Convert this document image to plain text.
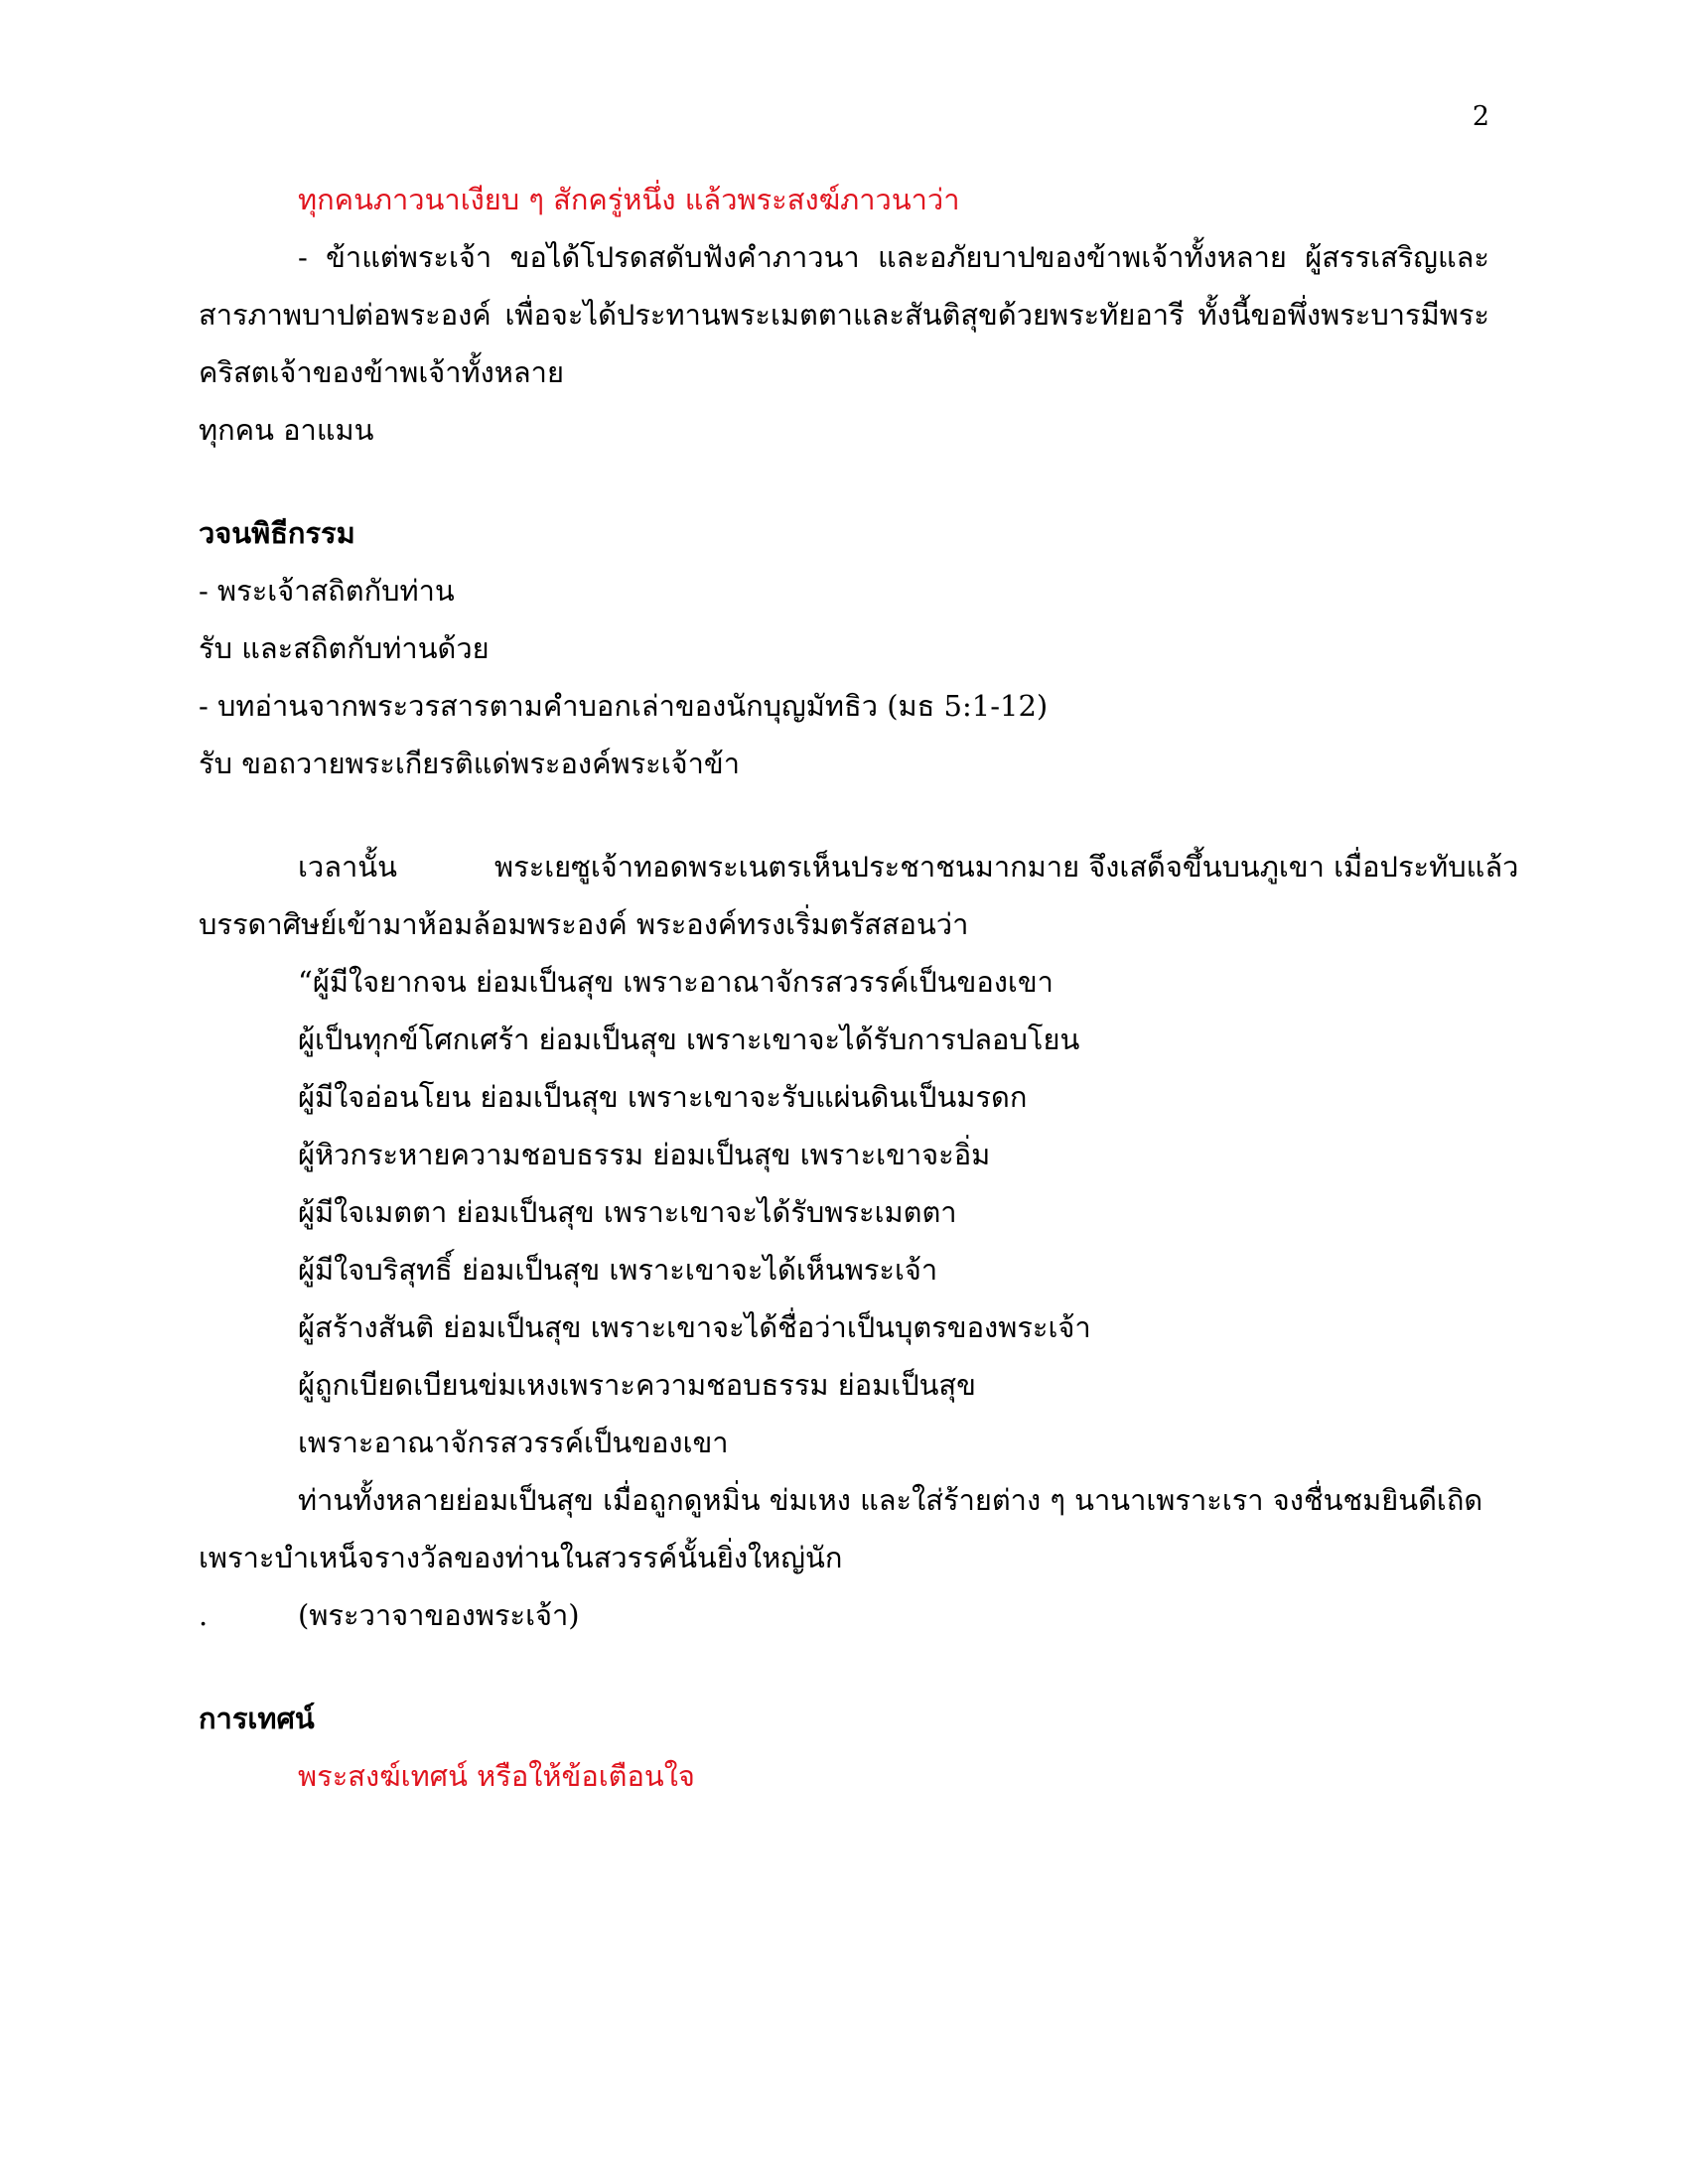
2
ทุกคนภาวนาเงียบ ๆ สักครู่หนึ่ง แล้วพระสงฆ์ภาวนาว่า
- ข้าแต่พระเจ้า ขอได้โปรดสดับฟังคำภาวนา และอภัยบาปของข้าพเจ้าทั้งหลาย ผู้สรรเสริญและ
สารภาพบาปต่อพระองค์ เพื่อจะได้ประทานพระเมตตาและสันติสุขด้วยพระทัยอารี ทั้งนี้ขอพึ่งพระบารมีพระ
คริสตเจ้าของข้าพเจ้าทั้งหลาย
ทุกคน อาแมน
วจนพิธีกรรม
- พระเจ้าสถิตกับท่าน
รับ และสถิตกับท่านด้วย
- บทอ่านจากพระวรสารตามคำบอกเล่าของนักบุญมัทธิว (มธ 5:1-12)
รับ ขอถวายพระเกียรติแด่พระองค์พระเจ้าข้า
เวลานั้น	พระเยซูเจ้าทอดพระเนตรเห็นประชาชนมากมาย จึงเสด็จขึ้นบนภูเขา เมื่อประทับแล้ว
บรรดาศิษย์เข้ามาห้อมล้อมพระองค์ พระองค์ทรงเริ่มตรัสสอนว่า
“ผู้มีใจยากจน ย่อมเป็นสุข เพราะอาณาจักรสวรรค์เป็นของเขา
ผู้เป็นทุกข์โศกเศร้า ย่อมเป็นสุข เพราะเขาจะได้รับการปลอบโยน
ผู้มีใจอ่อนโยน ย่อมเป็นสุข เพราะเขาจะรับแผ่นดินเป็นมรดก
ผู้หิวกระหายความชอบธรรม ย่อมเป็นสุข เพราะเขาจะอิ่ม
ผู้มีใจเมตตา ย่อมเป็นสุข เพราะเขาจะได้รับพระเมตตา
ผู้มีใจบริสุทธิ์ ย่อมเป็นสุข เพราะเขาจะได้เห็นพระเจ้า
ผู้สร้างสันติ ย่อมเป็นสุข เพราะเขาจะได้ชื่อว่าเป็นบุตรของพระเจ้า
ผู้ถูกเบียดเบียนข่มเหงเพราะความชอบธรรม ย่อมเป็นสุข
เพราะอาณาจักรสวรรค์เป็นของเขา
ท่านทั้งหลายย่อมเป็นสุข เมื่อถูกดูหมิ่น ข่มเหง และใส่ร้ายต่าง ๆ นานาเพราะเรา จงชื่นชมยินดีเถิด
เพราะบำเหน็จรางวัลของท่านในสวรรค์นั้นยิ่งใหญ่นัก
.	(พระวาจาของพระเจ้า)
การเทศน์
พระสงฆ์เทศน์ หรือให้ข้อเตือนใจ
